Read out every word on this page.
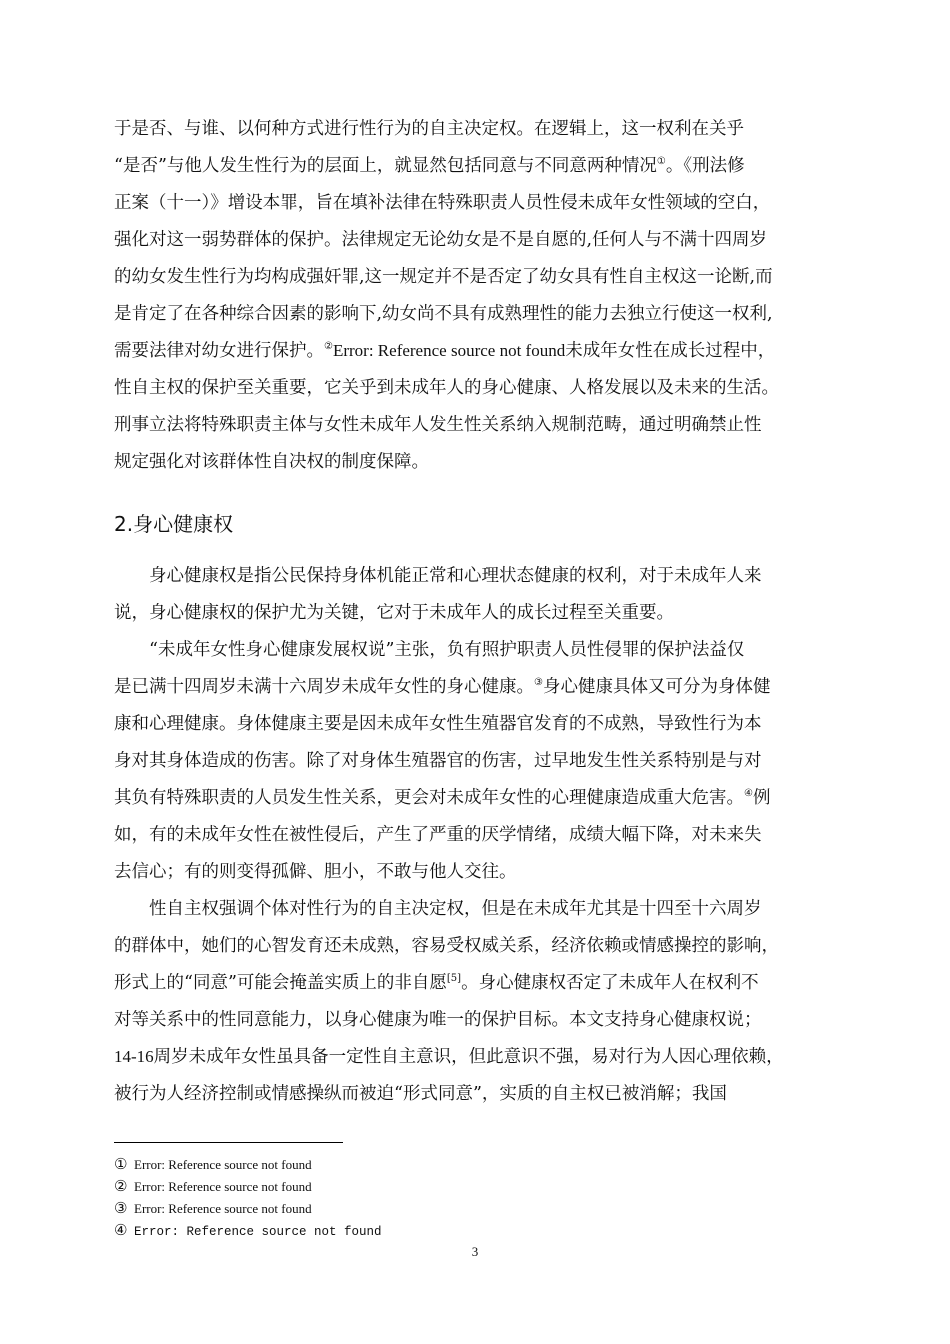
于是否、与谁、以何种方式进行性行为的自主决定权。在逻辑上，这一权利在关乎

“是否”与他人发生性行为的层面上，就显然包括同意与不同意两种情况①。《刑法修

正案（十一）》增设本罪，旨在填补法律在特殊职责人员性侵未成年女性领域的空白，

强化对这一弱势群体的保护。法律规定无论幼女是不是自愿的,任何人与不满十四周岁

的幼女发生性行为均构成强奸罪,这一规定并不是否定了幼女具有性自主权这一论断,而

是肯定了在各种综合因素的影响下,幼女尚不具有成熟理性的能力去独立行使这一权利,

需要法律对幼女进行保护。②Error: Reference source not found未成年女性在成长过程中，

性自主权的保护至关重要，它关乎到未成年人的身心健康、人格发展以及未来的生活。

刑事立法将特殊职责主体与女性未成年人发生性关系纳入规制范畴，通过明确禁止性

规定强化对该群体性自决权的制度保障。

2.身心健康权

身心健康权是指公民保持身体机能正常和心理状态健康的权利，对于未成年人来

说，身心健康权的保护尤为关键，它对于未成年人的成长过程至关重要。

“未成年女性身心健康发展权说”主张，负有照护职责人员性侵罪的保护法益仅

是已满十四周岁未满十六周岁未成年女性的身心健康。③身心健康具体又可分为身体健

康和心理健康。身体健康主要是因未成年女性生殖器官发育的不成熟，导致性行为本

身对其身体造成的伤害。除了对身体生殖器官的伤害，过早地发生性关系特别是与对

其负有特殊职责的人员发生性关系，更会对未成年女性的心理健康造成重大危害。④例

如，有的未成年女性在被性侵后，产生了严重的厌学情绪，成绩大幅下降，对未来失

去信心；有的则变得孤僻、胆小，不敢与他人交往。

性自主权强调个体对性行为的自主决定权，但是在未成年尤其是十四至十六周岁

的群体中，她们的心智发育还未成熟，容易受权威关系，经济依赖或情感操控的影响，

形式上的“同意”可能会掩盖实质上的非自愿[5]。身心健康权否定了未成年人在权利不

对等关系中的性同意能力，以身心健康为唯一的保护目标。本文支持身心健康权说；

14-16周岁未成年女性虽具备一定性自主意识，但此意识不强，易对行为人因心理依赖，

被行为人经济控制或情感操纵而被迫“形式同意”，实质的自主权已被消解；我国

① Error: Reference source not found

② Error: Reference source not found

③ Error: Reference source not found

④ Error: Reference source not found

3
